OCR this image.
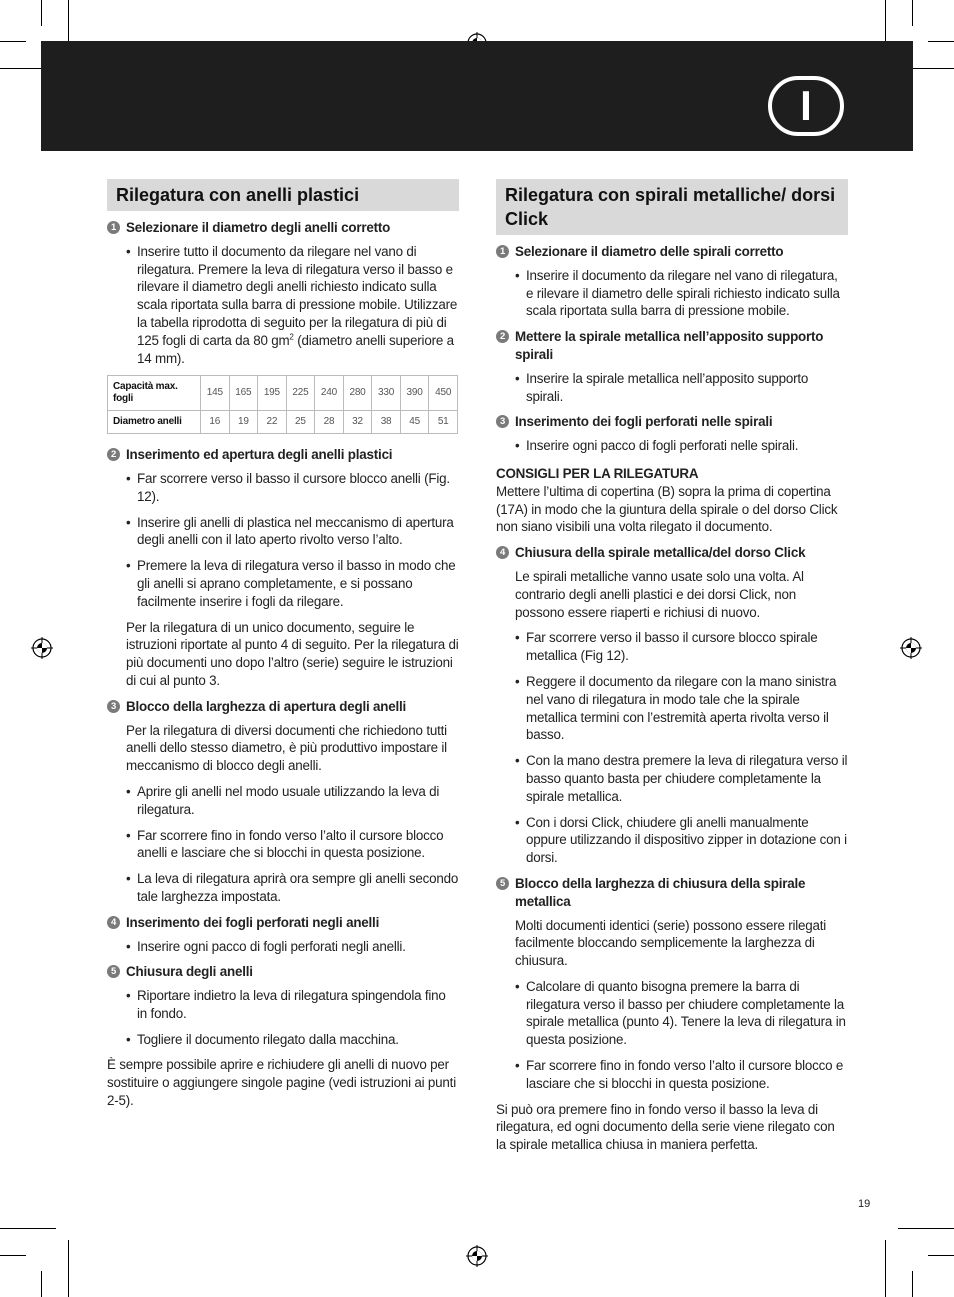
I
Rilegatura con anelli plastici
1 Selezionare il diametro degli anelli corretto
• Inserire tutto il documento da rilegare nel vano di rilegatura. Premere la leva di rilegatura verso il basso e rilevare il diametro degli anelli richiesto indicato sulla scala riportata sulla barra di pressione mobile. Utilizzare la tabella riprodotta di seguito per la rilegatura di più di 125 fogli di carta da 80 $gm^2$ (diametro anelli superiore a 14 mm).
Capacità max. fogli	145	165	195	225	240	280	330	390	450
Diametro anelli	16	19	22	25	28	32	38	45	51
2 Inserimento ed apertura degli anelli plastici
• Far scorrere verso il basso il cursore blocco anelli (Fig. 12).
• Inserire gli anelli di plastica nel meccanismo di apertura degli anelli con il lato aperto rivolto verso l’alto.
• Premere la leva di rilegatura verso il basso in modo che gli anelli si aprano completamente, e si possano facilmente inserire i fogli da rilegare.
Per la rilegatura di un unico documento, seguire le istruzioni riportate al punto 4 di seguito. Per la rilegatura di più documenti uno dopo l’altro (serie) seguire le istruzioni di cui al punto 3.
3 Blocco della larghezza di apertura degli anelli
Per la rilegatura di diversi documenti che richiedono tutti anelli dello stesso diametro, è più produttivo impostare il meccanismo di blocco degli anelli.
• Aprire gli anelli nel modo usuale utilizzando la leva di rilegatura.
• Far scorrere fino in fondo verso l’alto il cursore blocco anelli e lasciare che si blocchi in questa posizione.
• La leva di rilegatura aprirà ora sempre gli anelli secondo tale larghezza impostata.
4 Inserimento dei fogli perforati negli anelli
• Inserire ogni pacco di fogli perforati negli anelli.
5 Chiusura degli anelli
• Riportare indietro la leva di rilegatura spingendola fino in fondo.
• Togliere il documento rilegato dalla macchina.
È sempre possibile aprire e richiudere gli anelli di nuovo per sostituire o aggiungere singole pagine (vedi istruzioni ai punti 2-5).
Rilegatura con spirali metalliche/ dorsi Click
1 Selezionare il diametro delle spirali corretto
• Inserire il documento da rilegare nel vano di rilegatura, e rilevare il diametro delle spirali richiesto indicato sulla scala riportata sulla barra di pressione mobile.
2 Mettere la spirale metallica nell’apposito supporto spirali
• Inserire la spirale metallica nell’apposito supporto spirali.
3 Inserimento dei fogli perforati nelle spirali
• Inserire ogni pacco di fogli perforati nelle spirali.
CONSIGLI PER LA RILEGATURA
Mettere l’ultima di copertina (B) sopra la prima di copertina (17A) in modo che la giuntura della spirale o del dorso Click non siano visibili una volta rilegato il documento.
4 Chiusura della spirale metallica/del dorso Click
Le spirali metalliche vanno usate solo una volta. Al contrario degli anelli plastici e dei dorsi Click, non possono essere riaperti e richiusi di nuovo.
• Far scorrere verso il basso il cursore blocco spirale metallica (Fig 12).
• Reggere il documento da rilegare con la mano sinistra nel vano di rilegatura in modo tale che la spirale metallica termini con l’estremità aperta rivolta verso il basso.
• Con la mano destra premere la leva di rilegatura verso il basso quanto basta per chiudere completamente la spirale metallica.
• Con i dorsi Click, chiudere gli anelli manualmente oppure utilizzando il dispositivo zipper in dotazione con i dorsi.
5 Blocco della larghezza di chiusura della spirale metallica
Molti documenti identici (serie) possono essere rilegati facilmente bloccando semplicemente la larghezza di chiusura.
• Calcolare di quanto bisogna premere la barra di rilegatura verso il basso per chiudere completamente la spirale metallica (punto 4). Tenere la leva di rilegatura in questa posizione.
• Far scorrere fino in fondo verso l’alto il cursore blocco e lasciare che si blocchi in questa posizione.
Si può ora premere fino in fondo verso il basso la leva di rilegatura, ed ogni documento della serie viene rilegato con la spirale metallica chiusa in maniera perfetta.
19
